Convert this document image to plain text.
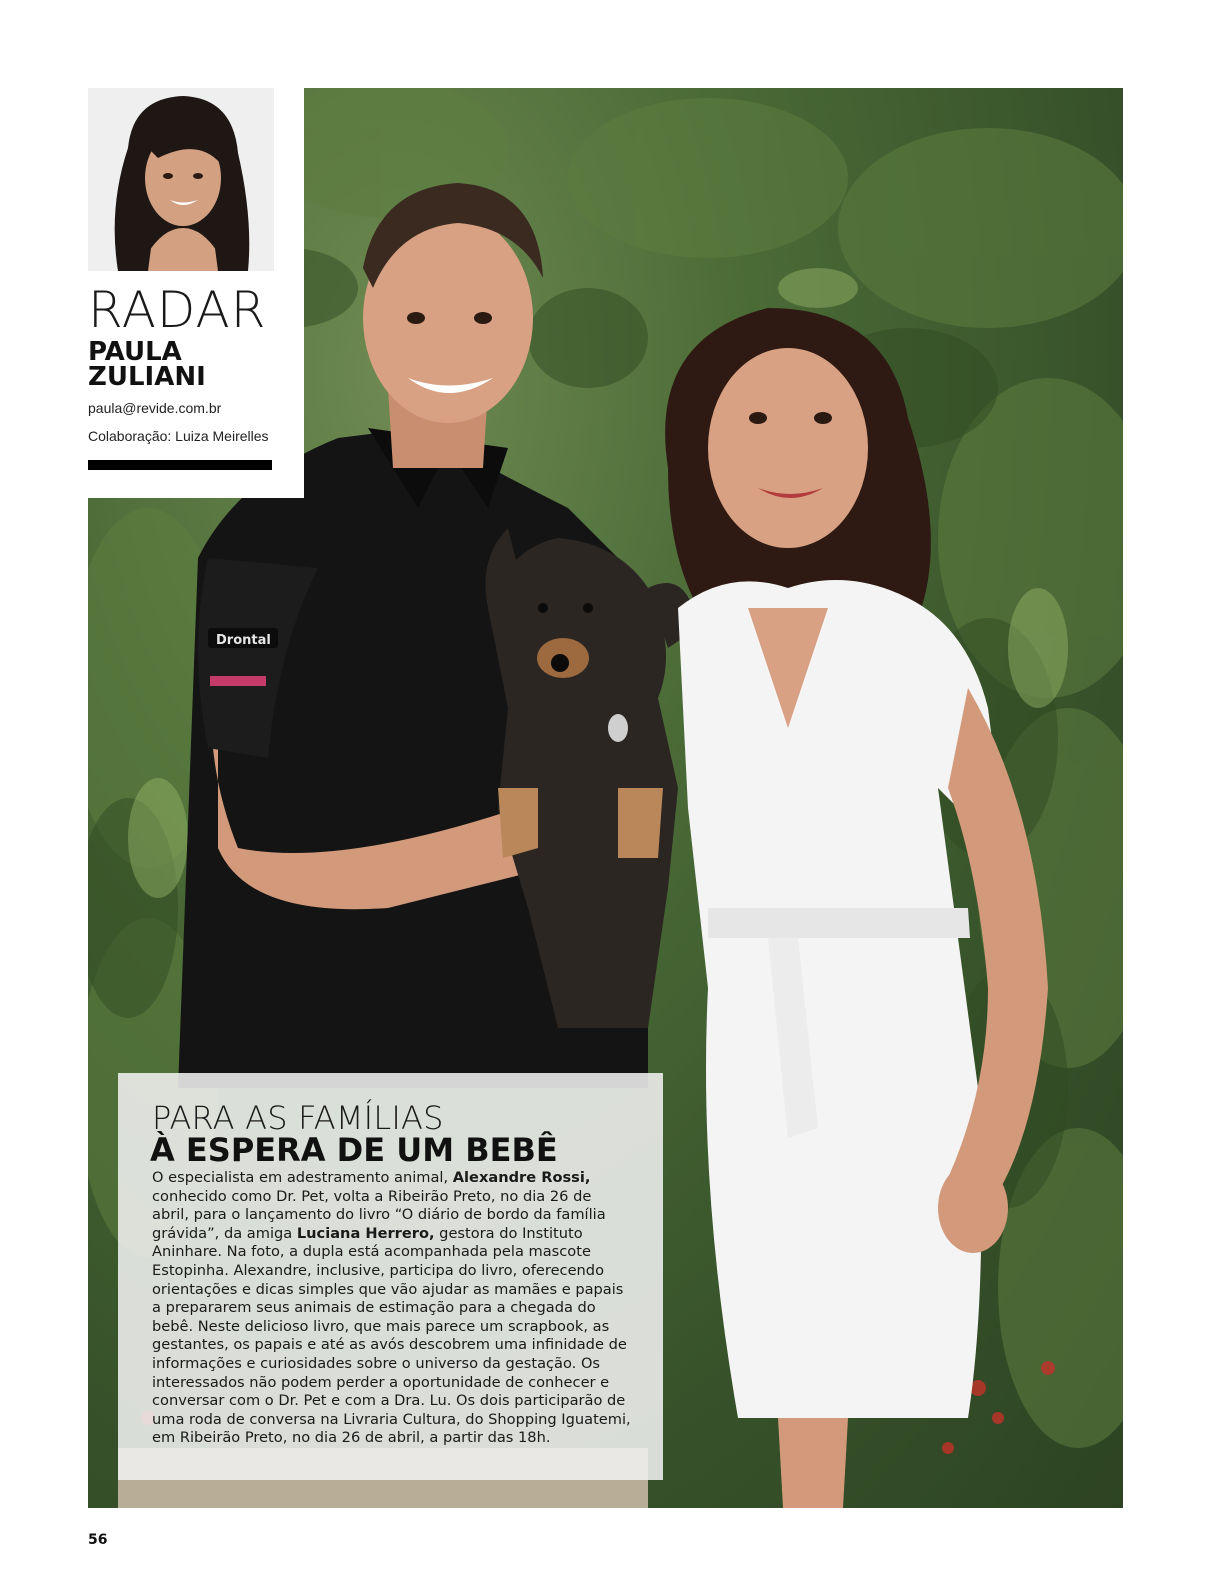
Drontal
RADAR
PAULA
ZULIANI
paula@revide.com.br
Colaboração: Luiza Meirelles
PARA AS FAMÍLIAS
À ESPERA DE UM BEBÊ
O especialista em adestramento animal, Alexandre Rossi, conhecido como Dr. Pet, volta a Ribeirão Preto, no dia 26 de abril, para o lançamento do livro “O diário de bordo da família grávida”, da amiga Luciana Herrero, gestora do Instituto Aninhare. Na foto, a dupla está acompanhada pela mascote Estopinha. Alexandre, inclusive, participa do livro, oferecendo orientações e dicas simples que vão ajudar as mamães e papais a prepararem seus animais de estimação para a chegada do bebê. Neste delicioso livro, que mais parece um scrapbook, as gestantes, os papais e até as avós descobrem uma infinidade de informações e curiosidades sobre o universo da gestação. Os interessados não podem perder a oportunidade de conhecer e conversar com o Dr. Pet e com a Dra. Lu. Os dois participarão de uma roda de conversa na Livraria Cultura, do Shopping Iguatemi, em Ribeirão Preto, no dia 26 de abril, a partir das 18h.
56
